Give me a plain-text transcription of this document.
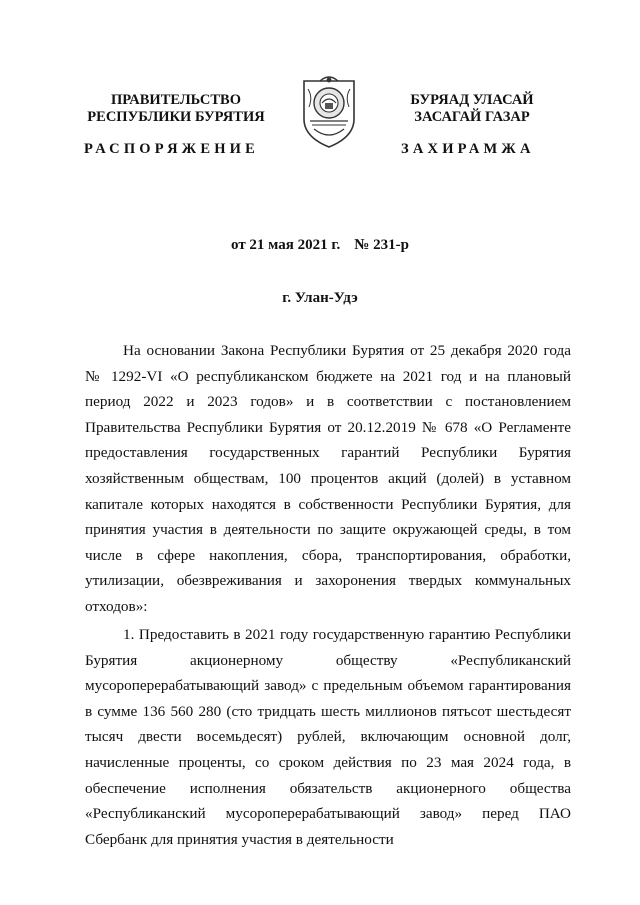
ПРАВИТЕЛЬСТВО
РЕСПУБЛИКИ БУРЯТИЯ
БУРЯАД УЛАСАЙ
ЗАСАГАЙ ГАЗАР
РАСПОРЯЖЕНИЕ	ЗАХИРАМЖА
от 21 мая 2021 г. № 231-р
г. Улан-Удэ

На основании Закона Республики Бурятия от 25 декабря 2020 года № 1292-VI «О республиканском бюджете на 2021 год и на плановый период 2022 и 2023 годов» и в соответствии с постановлением Правительства Республики Бурятия от 20.12.2019 № 678 «О Регламенте предоставления государственных гарантий Республики Бурятия хозяйственным обществам, 100 процентов акций (долей) в уставном капитале которых находятся в собственности Республики Бурятия, для принятия участия в деятельности по защите окружающей среды, в том числе в сфере накопления, сбора, транспортирования, обработки, утилизации, обезвреживания и захоронения твердых коммунальных отходов»:

1. Предоставить в 2021 году государственную гарантию Республики Бурятия акционерному обществу «Республиканский мусороперерабатывающий завод» с предельным объемом гарантирования в сумме 136 560 280 (сто тридцать шесть миллионов пятьсот шестьдесят тысяч двести восемьдесят) рублей, включающим основной долг, начисленные проценты, со сроком действия по 23 мая 2024 года, в обеспечение исполнения обязательств акционерного общества «Республиканский мусороперерабатывающий завод» перед ПАО Сбербанк для принятия участия в деятельности
